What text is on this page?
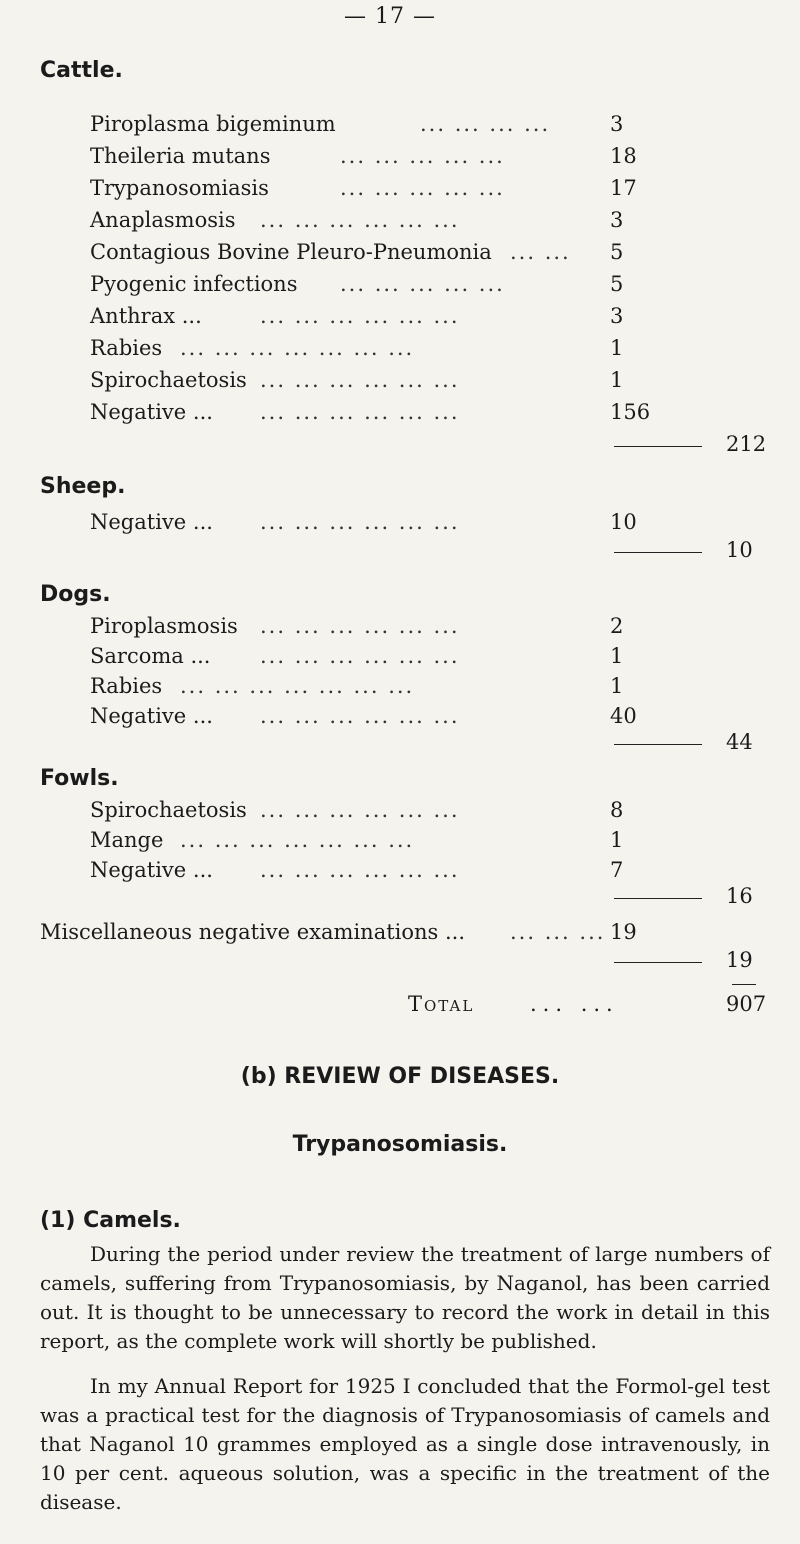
— 17 —
Cattle.
Piroplasma bigeminum	... ... ... ...	3
Theileria mutans	... ... ... ... ...	18
Trypanosomiasis	... ... ... ... ...	17
Anaplasmosis ... ... ... ... ... ...	3
Contagious Bovine Pleuro-Pneumonia ... ... 5
Pyogenic infections ... ... ... ... ...	5
Anthrax ...	... ... ... ... ... ...	3
Rabies ... ... ... ... ... ... ...	1
Spirochaetosis ... ... ... ... ... ...	1
Negative ... ... ... ... ... ... ...	156
212
Sheep.
Negative ... ... ... ... ... ... ...	10
10
Dogs.
Piroplasmosis ... ... ... ... ... ...	2
Sarcoma ... ... ... ... ... ... ...	1
Rabies ... ... ... ... ... ... ...	1
Negative ... ... ... ... ... ... ...	40
44
Fowls.
Spirochaetosis ... ... ... ... ... ...	8
Mange ... ... ... ... ... ... ...	1
Negative ... ... ... ... ... ... ...	7
16
Miscellaneous negative examinations ... ... ... ... 19
19
Total	... ...	907
(b) REVIEW OF DISEASES.
Trypanosomiasis.
(1) Camels.

During the period under review the treatment of large numbers of camels, suffering from Trypanosomiasis, by Naganol, has been carried out. It is thought to be unnecessary to record the work in detail in this report, as the complete work will shortly be published.

In my Annual Report for 1925 I concluded that the Formol-gel test was a practical test for the diagnosis of Trypanosomiasis of camels and that Naganol 10 grammes employed as a single dose intravenously, in 10 per cent. aqueous solution, was a specific in the treatment of the disease.
